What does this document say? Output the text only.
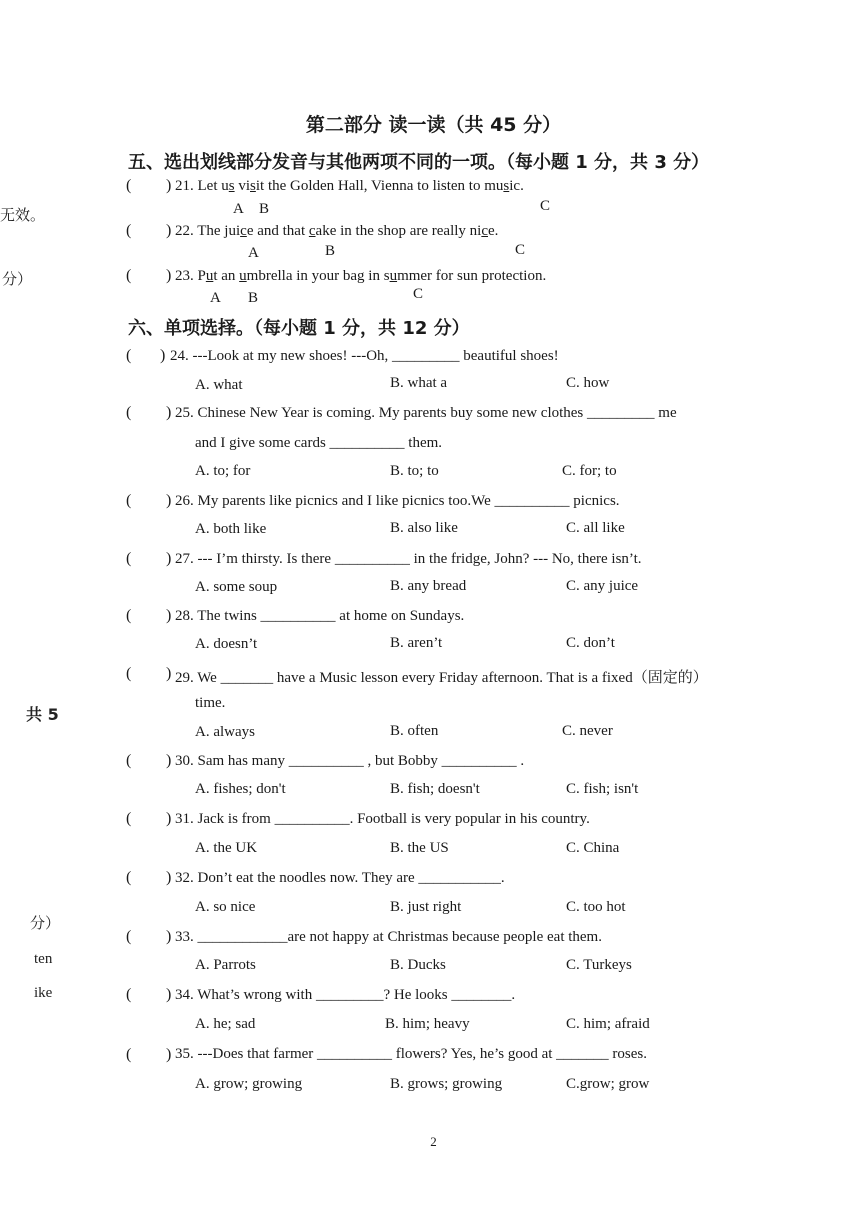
第二部分 读一读（共 45 分）
无效。
分）
共 5
分）
ten
ike
五、选出划线部分发音与其他两项不同的一项。（每小题 1 分，共 3 分）
( ) 21. Let us visit the Golden Hall, Vienna to listen to music.
A B	C
( ) 22. The juice and that cake in the shop are really nice.
A	B	C
( ) 23. Put an umbrella in your bag in summer for sun protection.
A B	C
六、单项选择。（每小题 1 分，共 12 分）
( ) 24. ---Look at my new shoes! ---Oh, _________ beautiful shoes!
A. what	B. what a	C. how
( ) 25. Chinese New Year is coming. My parents buy some new clothes _________ me
and I give some cards __________ them.
A. to; for	B. to; to	C. for; to
( ) 26. My parents like picnics and I like picnics too.We __________ picnics.
A. both like	B. also like	C. all like
( ) 27. --- I’m thirsty. Is there __________ in the fridge, John? --- No, there isn’t.
A. some soup	B. any bread	C. any juice
( ) 28. The twins __________ at home on Sundays.
A. doesn’t	B. aren’t	C. don’t
( ) 29. We _______ have a Music lesson every Friday afternoon. That is a fixed（固定的）
time.
A. always	B. often	C. never
( ) 30. Sam has many __________ , but Bobby __________ .
A. fishes; don't	B. fish; doesn't	C. fish; isn't
( ) 31. Jack is from __________. Football is very popular in his country.
A. the UK	B. the US	C. China
( ) 32. Don’t eat the noodles now. They are ___________.
A. so nice	B. just right	C. too hot
( ) 33. ____________are not happy at Christmas because people eat them.
A. Parrots	B. Ducks	C. Turkeys
( ) 34. What’s wrong with _________? He looks ________.
A. he; sad	B. him; heavy	C. him; afraid
( ) 35. ---Does that farmer __________ flowers? Yes, he’s good at _______ roses.
A. grow; growing	B. grows; growing	C.grow; grow
2
